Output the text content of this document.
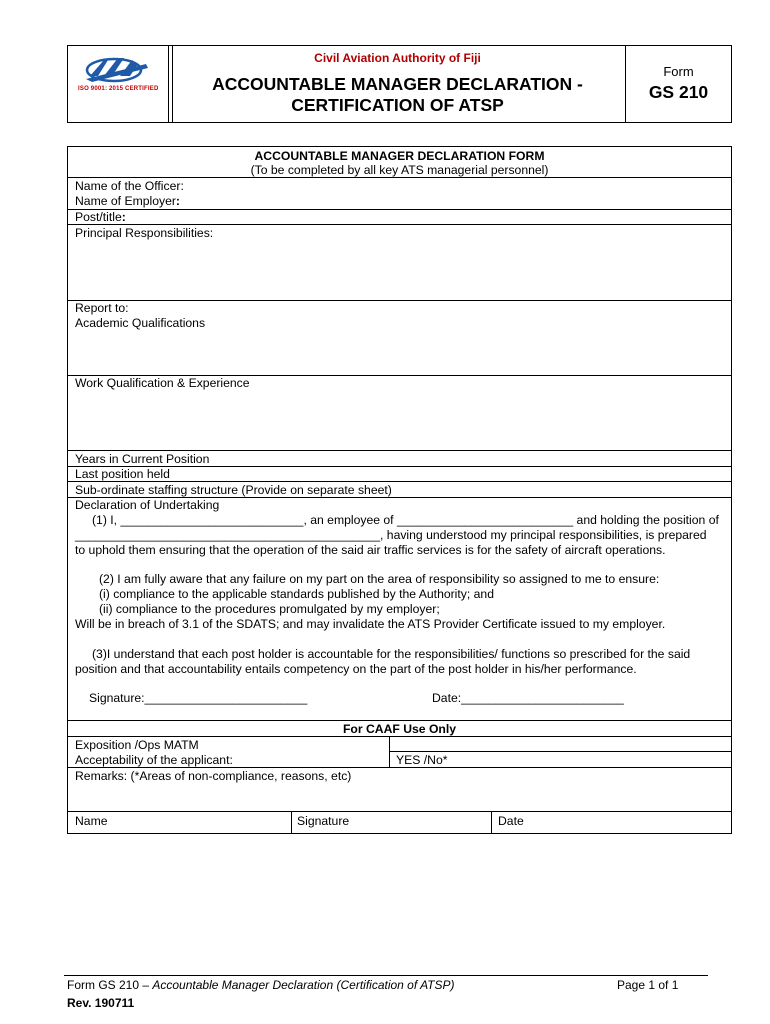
ISO 9001: 2015 CERTIFIED
Civil Aviation Authority of Fiji
ACCOUNTABLE MANAGER DECLARATION -
CERTIFICATION OF ATSP
Form
GS 210
ACCOUNTABLE MANAGER DECLARATION FORM
(To be completed by all key ATS managerial personnel)
Name of the Officer:
Name of Employer:
Post/title:
Principal Responsibilities:
Report to:
Academic Qualifications
Work Qualification & Experience
Years in Current Position
Last position held
Sub-ordinate staffing structure (Provide on separate sheet)
Declaration of Undertaking
(1) I, ___________________________, an employee of __________________________ and holding the position of
_____________________________________________, having understood my principal responsibilities, is prepared
to uphold them ensuring that the operation of the said air traffic services is for the safety of aircraft operations.
(2) I am fully aware that any failure on my part on the area of responsibility so assigned to me to ensure:
(i) compliance to the applicable standards published by the Authority; and
(ii) compliance to the procedures promulgated by my employer;
Will be in breach of 3.1 of the SDATS; and may invalidate the ATS Provider Certificate issued to my employer.
(3)I understand that each post holder is accountable for the responsibilities/ functions so prescribed for the said
position and that accountability entails competency on the part of the post holder in his/her performance.
Signature:________________________	Date:________________________
For CAAF Use Only
Exposition /Ops MATM
Acceptability of the applicant:	YES /No*
Remarks: (*Areas of non-compliance, reasons, etc)
Name	Signature	Date
Form GS 210 – Accountable Manager Declaration (Certification of ATSP)	Page 1 of 1
Rev. 190711
